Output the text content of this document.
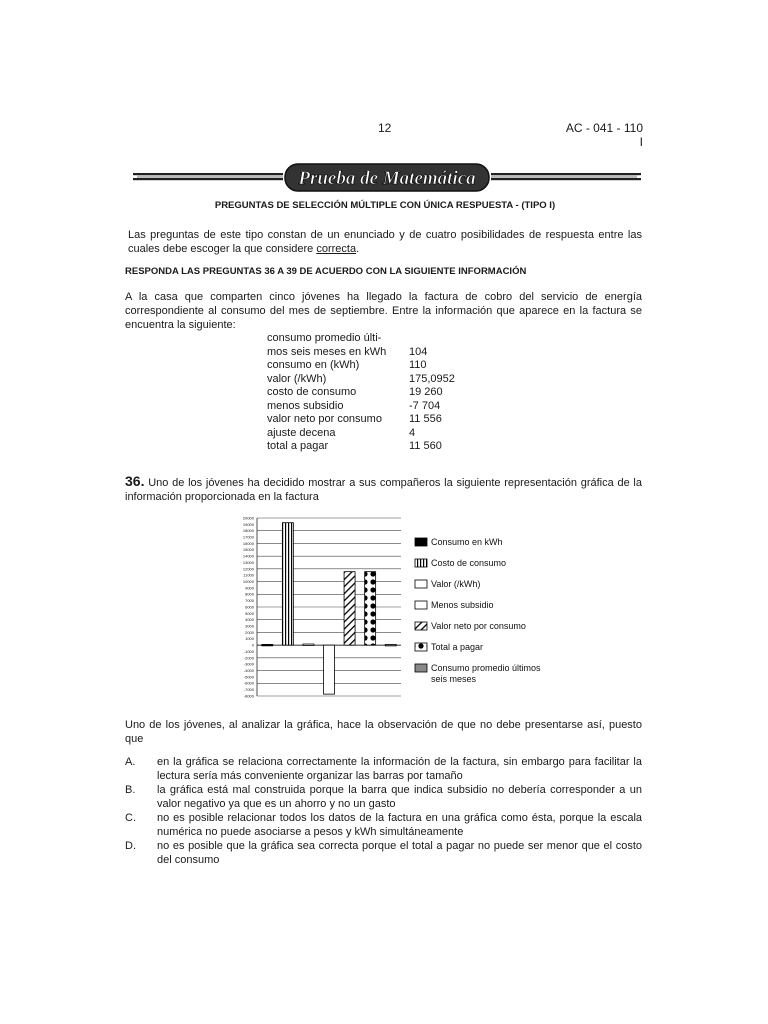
12	AC - 041 - 110
I
Prueba de Matemática
PREGUNTAS DE SELECCIÓN MÚLTIPLE CON ÚNICA RESPUESTA - (TIPO I)
Las preguntas de este tipo constan de un enunciado y de cuatro posibilidades de respuesta entre las cuales debe escoger la que considere correcta.
RESPONDA LAS PREGUNTAS 36 A 39 DE ACUERDO CON LA SIGUIENTE INFORMACIÓN
A la casa que comparten cinco jóvenes ha llegado la factura de cobro del servicio de energía correspondiente al consumo del mes de septiembre. Entre la información que aparece en la factura se encuentra la siguiente:
consumo promedio últi-	
mos seis meses en kWh	104
consumo en (kWh)	110
valor (/kWh)	175,0952
costo de consumo	19 260
menos subsidio	-7 704
valor neto por consumo	11 556
ajuste decena	4
total a pagar	11 560
36. Uno de los jóvenes ha decidido mostrar a sus compañeros la siguiente representación gráfica de la información proporcionada en la factura
20000
19000
18000
17000
16000
15000
14000
13000
12000
11000
10000
9000
8000
7000
6000
5000
4000
3000
2000
1000
0
-1000
-2000
-3000
-4000
-5000
-6000
-7000
-8000
Consumo en kWh
Costo de consumo
Valor (/kWh)
Menos subsidio
Valor neto por consumo
Total a pagar
Consumo promedio últimos
seis meses
Uno de los jóvenes, al analizar la gráfica, hace la observación de que no debe presentarse así, puesto que
A.	en la gráfica se relaciona correctamente la información de la factura, sin embargo para facilitar la lectura sería más conveniente organizar las barras por tamaño
B.	la gráfica está mal construida porque la barra que indica subsidio no debería corresponder a un valor negativo ya que es un ahorro y no un gasto
C.	no es posible relacionar todos los datos de la factura en una gráfica como ésta, porque la escala numérica no puede asociarse a pesos y kWh simultáneamente
D.	no es posible que la gráfica sea correcta porque el total a pagar no puede ser menor que el costo del consumo
